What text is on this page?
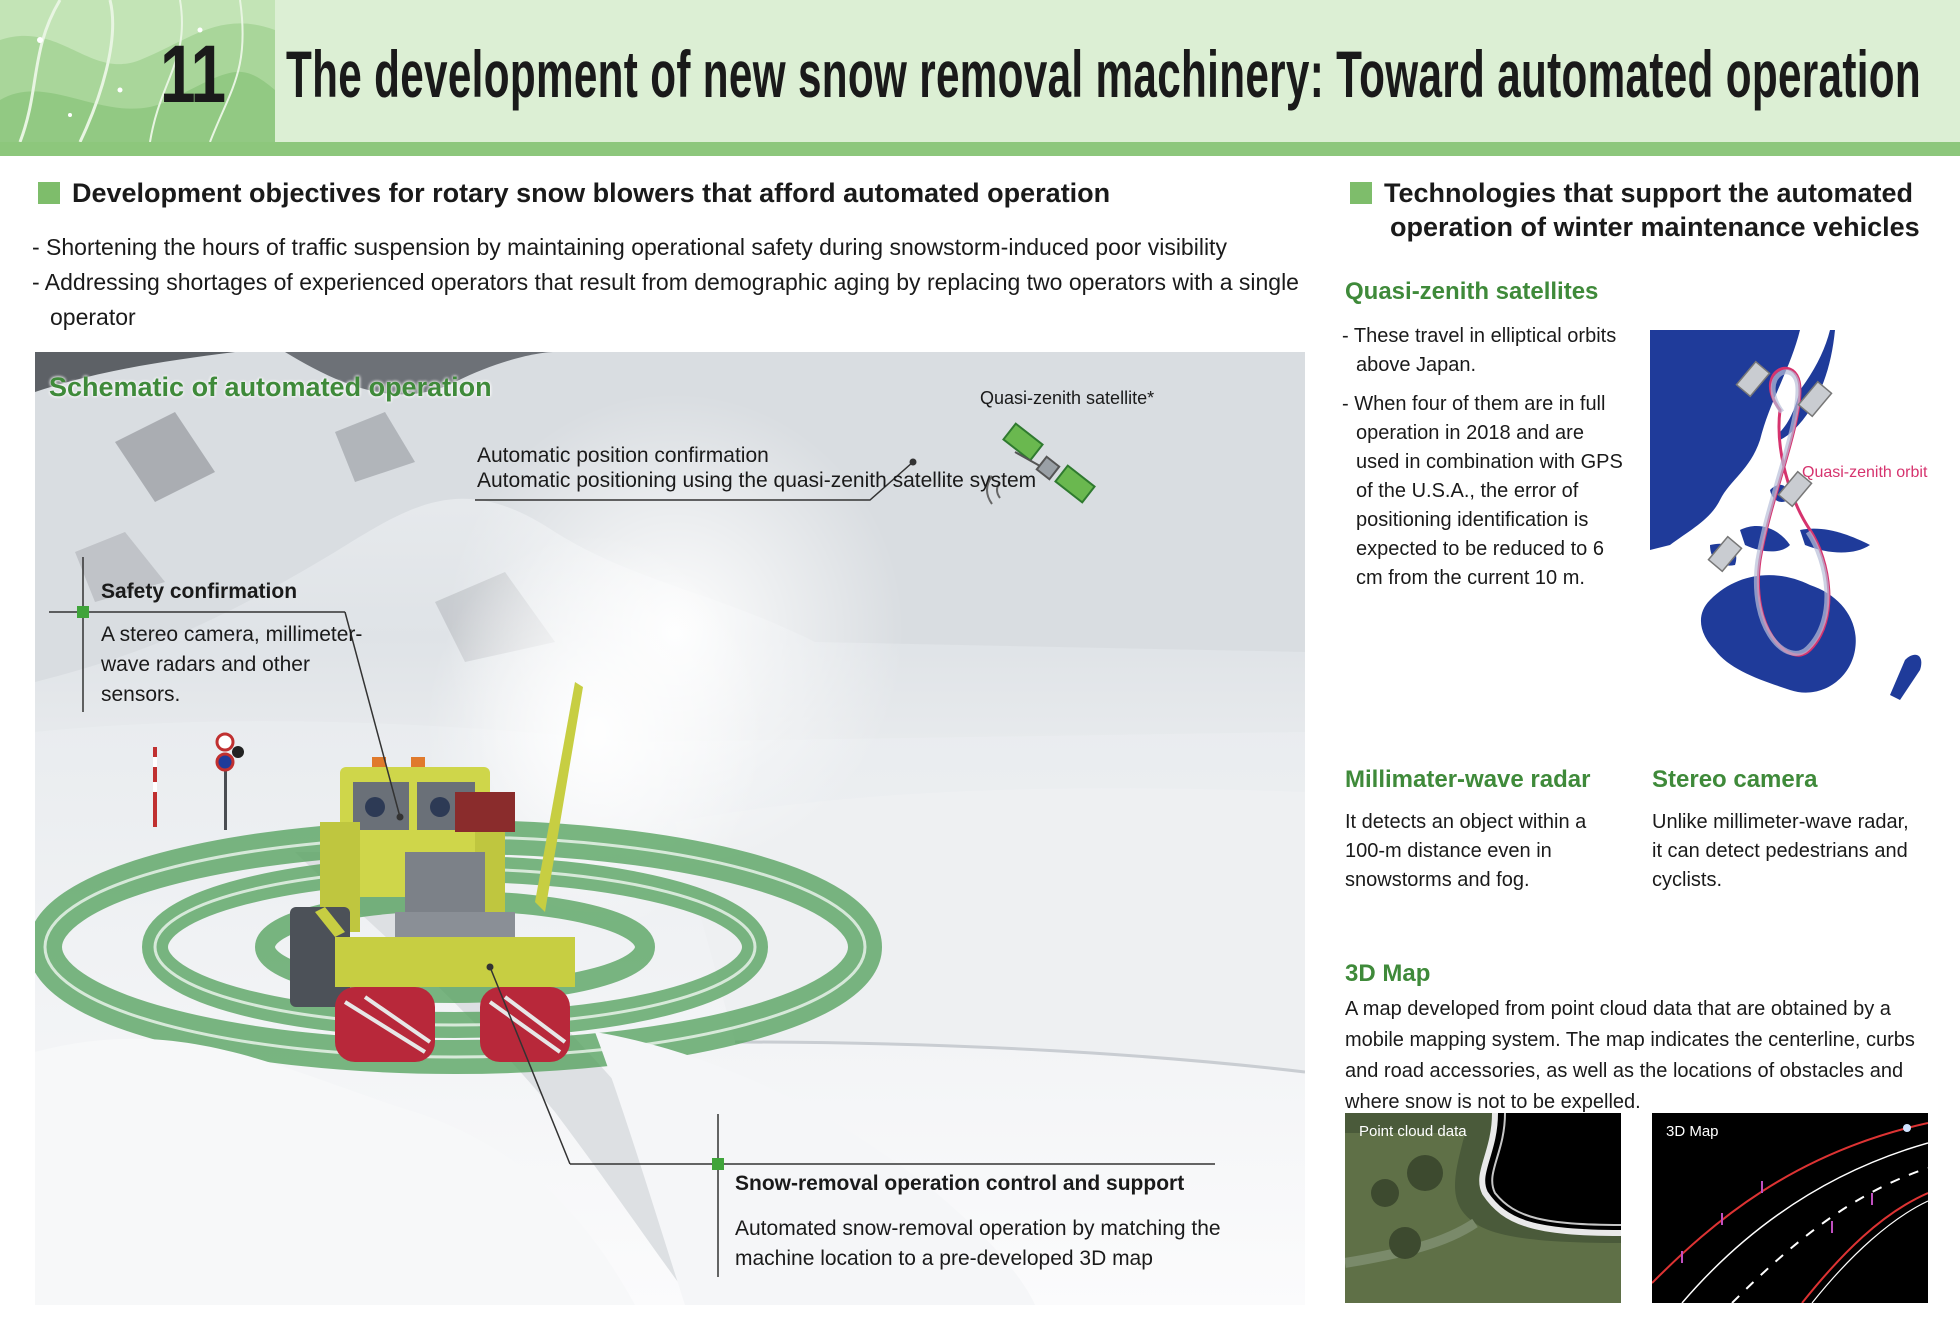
11 The development of new snow removal machinery: Toward automated operation
Development objectives for rotary snow blowers that afford automated operation

- Shortening the hours of traffic suspension by maintaining operational safety during snowstorm-induced poor visibility

- Addressing shortages of experienced operators that result from demographic aging by replacing two operators with a single operator

Schematic of automated operation	Quasi-zenith satellite*
Automatic position confirmation
Automatic positioning using the quasi-zenith satellite system
Safety confirmation
A stereo camera, millimeter-wave radars and other sensors.
Snow-removal operation control and support
Automated snow-removal operation by matching the machine location to a pre-developed 3D map
Technologies that support the automated
operation of winter maintenance vehicles
Quasi-zenith satellites

- These travel in elliptical orbits above Japan.

- When four of them are in full operation in 2018 and are used in combination with GPS of the U.S.A., the error of positioning identification is expected to be reduced to 6 cm from the current 10 m.

Quasi-zenith orbit
Millimater-wave radar
It detects an object within a 100-m distance even in snowstorms and fog.
Stereo camera
Unlike millimeter-wave radar, it can detect pedestrians and cyclists.
3D Map
A map developed from point cloud data that are obtained by a mobile mapping system. The map indicates the centerline, curbs and road accessories, as well as the locations of obstacles and where snow is not to be expelled.
Point cloud data	3D Map
